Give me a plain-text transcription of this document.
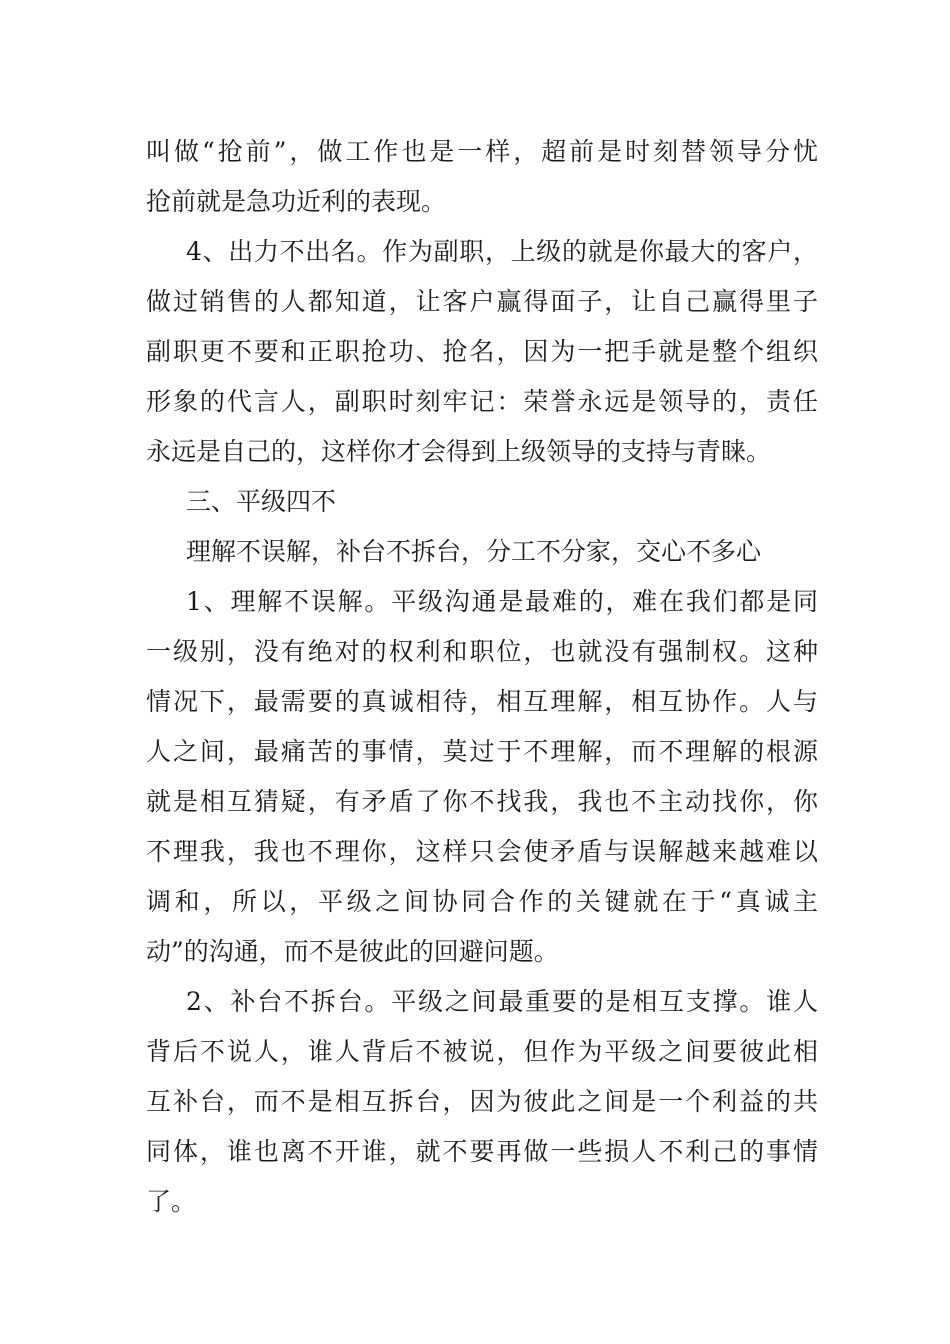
叫做“抢前”，做工作也是一样，超前是时刻替领导分忧
抢前就是急功近利的表现。
4、出力不出名。作为副职，上级的就是你最大的客户，
做过销售的人都知道，让客户赢得面子，让自己赢得里子
副职更不要和正职抢功、抢名，因为一把手就是整个组织
形象的代言人，副职时刻牢记：荣誉永远是领导的，责任
永远是自己的，这样你才会得到上级领导的支持与青睐。
三、平级四不
理解不误解，补台不拆台，分工不分家，交心不多心
1、理解不误解。平级沟通是最难的，难在我们都是同
一级别，没有绝对的权利和职位，也就没有强制权。这种
情况下，最需要的真诚相待，相互理解，相互协作。人与
人之间，最痛苦的事情，莫过于不理解，而不理解的根源
就是相互猜疑，有矛盾了你不找我，我也不主动找你，你
不理我，我也不理你，这样只会使矛盾与误解越来越难以
调和，所以，平级之间协同合作的关键就在于“真诚主
动”的沟通，而不是彼此的回避问题。
2、补台不拆台。平级之间最重要的是相互支撑。谁人
背后不说人，谁人背后不被说，但作为平级之间要彼此相
互补台，而不是相互拆台，因为彼此之间是一个利益的共
同体，谁也离不开谁，就不要再做一些损人不利己的事情
了。
